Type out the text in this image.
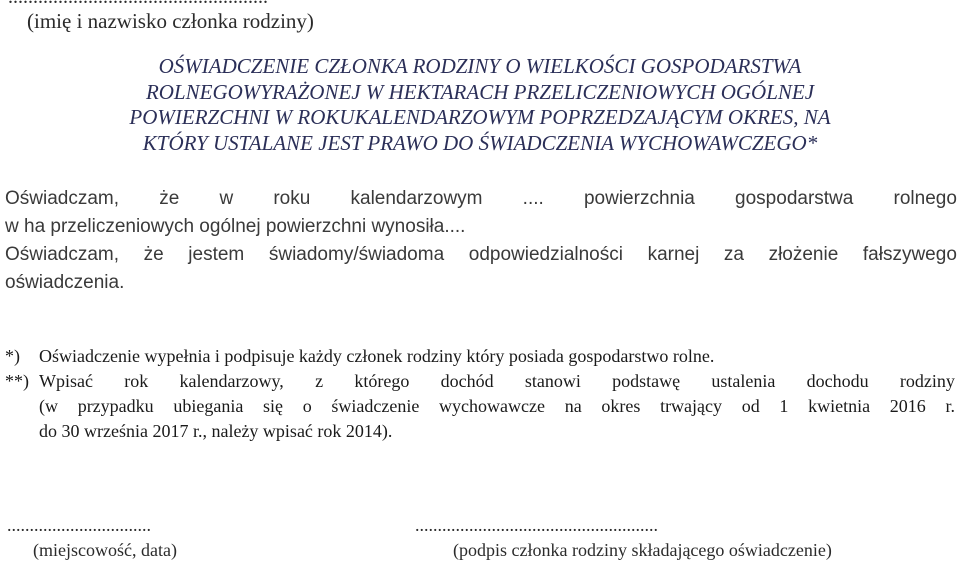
(imię i nazwisko członka rodziny)
OŚWIADCZENIE CZŁONKA RODZINY O WIELKOŚCI GOSPODARSTWA
ROLNEGOWYRAŻONEJ W HEKTARACH PRZELICZENIOWYCH OGÓLNEJ
POWIERZCHNI W ROKUKALENDARZOWYM POPRZEDZAJĄCYM OKRES, NA
KTÓRY USTALANE JEST PRAWO DO ŚWIADCZENIA WYCHOWAWCZEGO*
Oświadczam, że w roku kalendarzowym .... powierzchnia gospodarstwa rolnego
w ha przeliczeniowych ogólnej powierzchni wynosiła....
Oświadczam, że jestem świadomy/świadoma odpowiedzialności karnej za złożenie fałszywego
oświadczenia.
*)	Oświadczenie wypełnia i podpisuje każdy członek rodziny który posiada gospodarstwo rolne.
**) Wpisać rok kalendarzowy, z którego dochód stanowi podstawę ustalenia dochodu rodziny
(w przypadku ubiegania się o świadczenie wychowawcze na okres trwający od 1 kwietnia 2016 r.
do 30 września 2017 r., należy wpisać rok 2014).
................................
(miejscowość, data)
......................................................
(podpis członka rodziny składającego oświadczenie)
